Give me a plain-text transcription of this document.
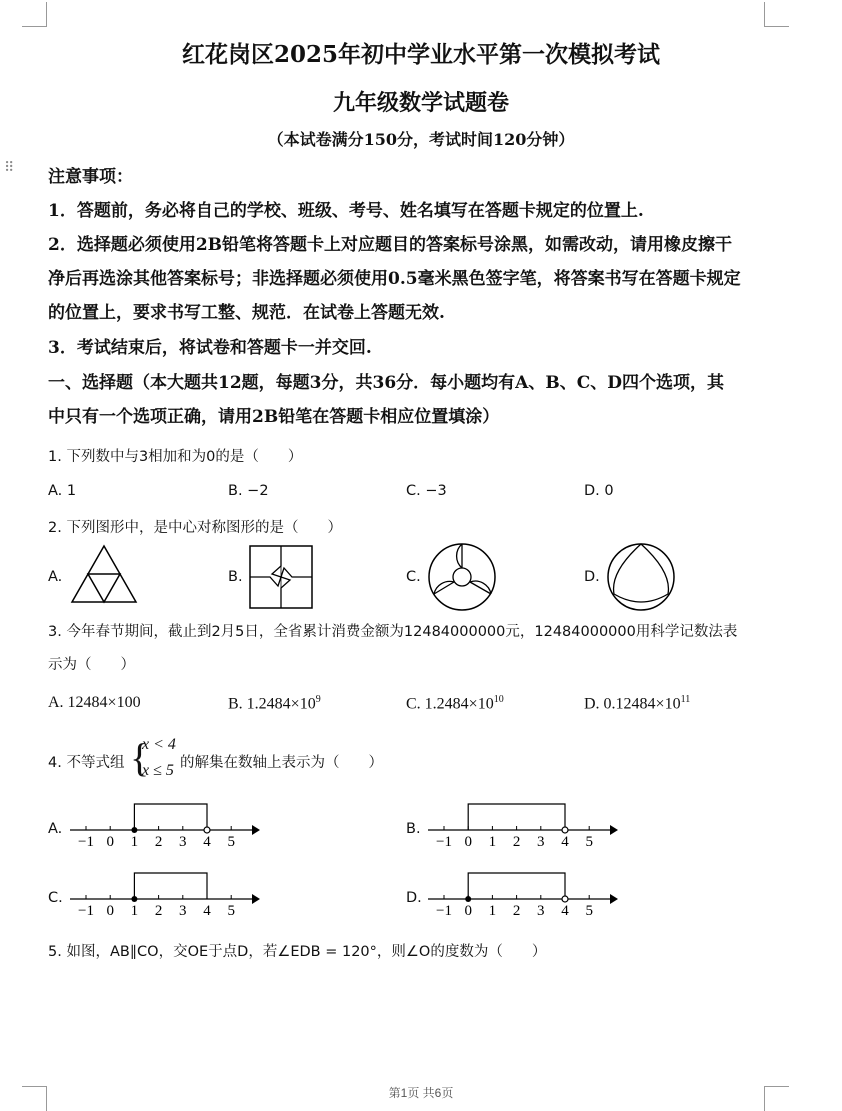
⠿
红花岗区2025年初中学业水平第一次模拟考试
九年级数学试题卷
（本试卷满分150分，考试时间120分钟）
注意事项：
1．答题前，务必将自己的学校、班级、考号、姓名填写在答题卡规定的位置上.
2．选择题必须使用2B铅笔将答题卡上对应题目的答案标号涂黑，如需改动，请用橡皮擦干
净后再选涂其他答案标号；非选择题必须使用0.5毫米黑色签字笔，将答案书写在答题卡规定
的位置上，要求书写工整、规范．在试卷上答题无效.
3．考试结束后，将试卷和答题卡一并交回.
一、选择题（本大题共12题，每题3分，共36分．每小题均有A、B、C、D四个选项，其
中只有一个选项正确，请用2B铅笔在答题卡相应位置填涂）
1. 下列数中与3相加和为0的是（　　）
A. 1	B. −2	C. −3	D. 0
2. 下列图形中，是中心对称图形的是（　　）
A.	B.	C.	D.
3. 今年春节期间，截止到2月5日，全省累计消费金额为12484000000元，12484000000用科学记数法表
示为（　　）
A. 12484×100	B. $1.2484\times 10^9$	C. $1.2484\times 10^{10}$	D. $0.12484\times 10^{11}$
4. 不等式组 {
x < 4
x ≤ 5 的解集在数轴上表示为（　　）
A.
−1 0 1 2 3 4 5
B.
−1 0 1 2 3 4 5
C.
−1 0 1 2 3 4 5
D.
−1 0 1 2 3 4 5
5. 如图，AB∥CO，交OE于点D，若∠EDB = 120°，则∠O的度数为（　　）
第1页 共6页
